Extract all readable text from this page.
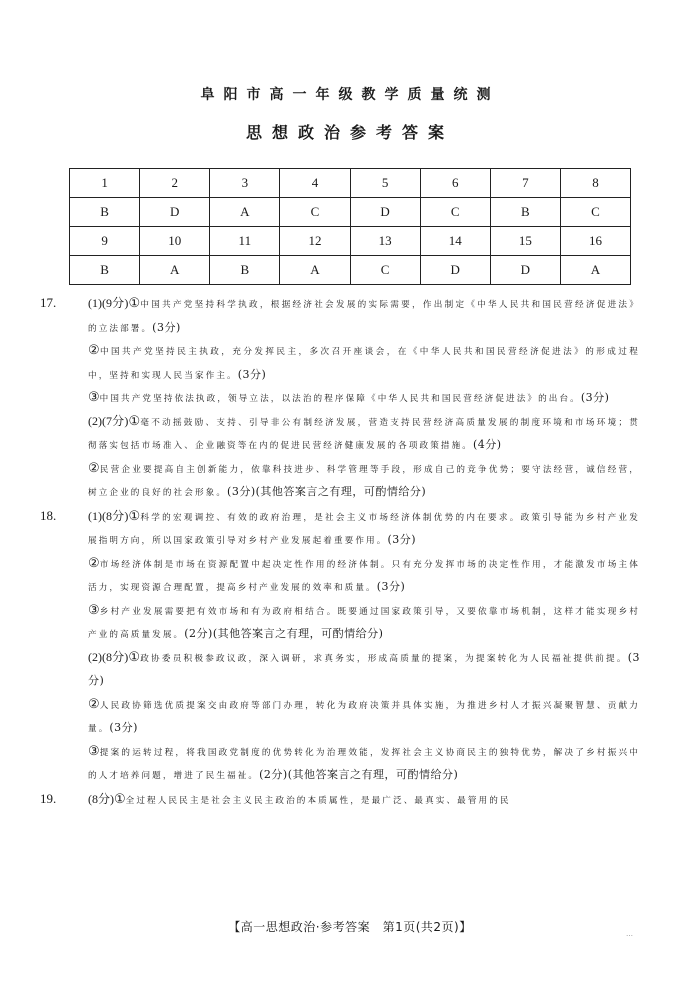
阜阳市高一年级教学质量统测
思想政治参考答案
1	2	3	4	5	6	7	8
B	D	A	C	D	C	B	C
9	10	11	12	13	14	15	16
B	A	B	A	C	D	D	A

17.	(1)(9分)①中国共产党坚持科学执政，根据经济社会发展的实际需要，作出制定《中华人民共和国民营经济促进法》的立法部署。(3分)

②中国共产党坚持民主执政，充分发挥民主，多次召开座谈会，在《中华人民共和国民营经济促进法》的形成过程中，坚持和实现人民当家作主。(3分)

③中国共产党坚持依法执政，领导立法，以法治的程序保障《中华人民共和国民营经济促进法》的出台。(3分)

(2)(7分)①毫不动摇鼓励、支持、引导非公有制经济发展，营造支持民营经济高质量发展的制度环境和市场环境；贯彻落实包括市场准入、企业融资等在内的促进民营经济健康发展的各项政策措施。(4分)

②民营企业要提高自主创新能力，依靠科技进步、科学管理等手段，形成自己的竞争优势；要守法经营，诚信经营，树立企业的良好的社会形象。(3分)(其他答案言之有理，可酌情给分)

18.	(1)(8分)①科学的宏观调控、有效的政府治理，是社会主义市场经济体制优势的内在要求。政策引导能为乡村产业发展指明方向，所以国家政策引导对乡村产业发展起着重要作用。(3分)

②市场经济体制是市场在资源配置中起决定性作用的经济体制。只有充分发挥市场的决定性作用，才能激发市场主体活力，实现资源合理配置，提高乡村产业发展的效率和质量。(3分)

③乡村产业发展需要把有效市场和有为政府相结合。既要通过国家政策引导，又要依靠市场机制，这样才能实现乡村产业的高质量发展。(2分)(其他答案言之有理，可酌情给分)

(2)(8分)①政协委员积极参政议政，深入调研，求真务实，形成高质量的提案，为提案转化为人民福祉提供前提。(3分)

②人民政协筛选优质提案交由政府等部门办理，转化为政府决策并具体实施，为推进乡村人才振兴凝聚智慧、贡献力量。(3分)

③提案的运转过程，将我国政党制度的优势转化为治理效能，发挥社会主义协商民主的独特优势，解决了乡村振兴中的人才培养问题，增进了民生福祉。(2分)(其他答案言之有理，可酌情给分)

19.	(8分)①全过程人民民主是社会主义民主政治的本质属性，是最广泛、最真实、最管用的民

【高一思想政治·参考答案　第1页(共2页)】	…
